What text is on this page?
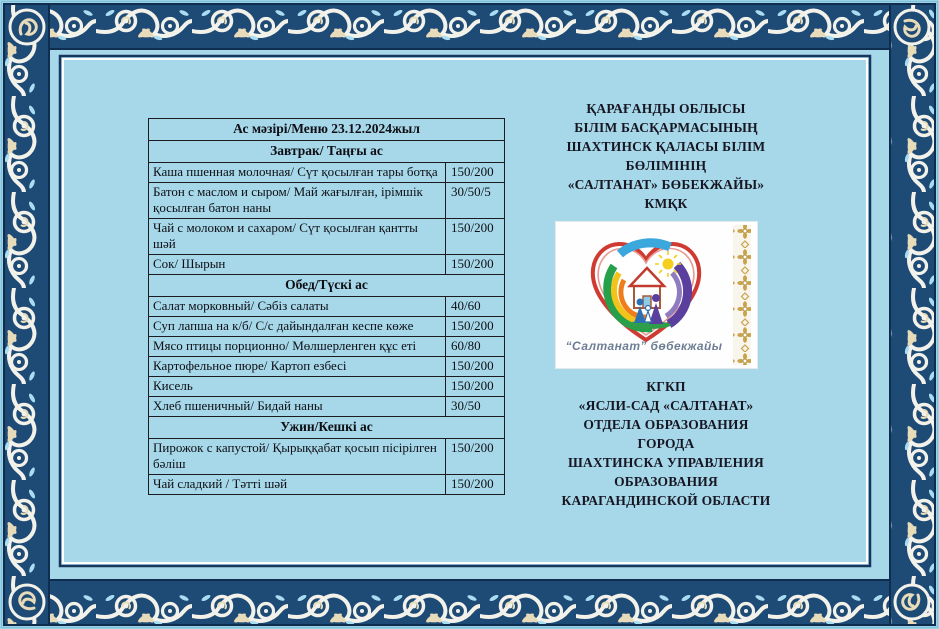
Ас мәзірі/Меню 23.12.2024жыл	
Завтрак/ Таңғы ас	
Каша пшенная молочная/ Сүт қосылған тары ботқа	150/200
Батон с маслом и сыром/ Май жағылған, ірімшік қосылған батон наны	30/50/5
Чай с молоком и сахаром/ Сүт қосылған қантты шәй	150/200
Сок/ Шырын	150/200
Обед/Түскі ас	
Салат морковный/ Сәбіз салаты	40/60
Суп лапша на к/б/ С/с дайындалған кеспе көже	150/200
Мясо птицы порционно/ Мөлшерленген құс еті	60/80
Картофельное пюре/ Картоп езбесі	150/200
Кисель	150/200
Хлеб пшеничный/ Бидай наны	30/50
Ужин/Кешкі ас	
Пирожок с капустой/ Қырыққабат қосып пісірілген бәліш	150/200
Чай сладкий / Тәтті шәй	150/200
ҚАРАҒАНДЫ ОБЛЫСЫ
БІЛІМ БАСҚАРМАСЫНЫҢ
ШАХТИНСК ҚАЛАСЫ БІЛІМ
БӨЛІМІНІҢ
«САЛТАНАТ» БӨБЕКЖАЙЫ»
КМҚК
“Салтанат” бөбекжайы
КГКП
«ЯСЛИ-САД «САЛТАНАТ»
ОТДЕЛА ОБРАЗОВАНИЯ
ГОРОДА
ШАХТИНСКА УПРАВЛЕНИЯ
ОБРАЗОВАНИЯ
КАРАГАНДИНСКОЙ ОБЛАСТИ
